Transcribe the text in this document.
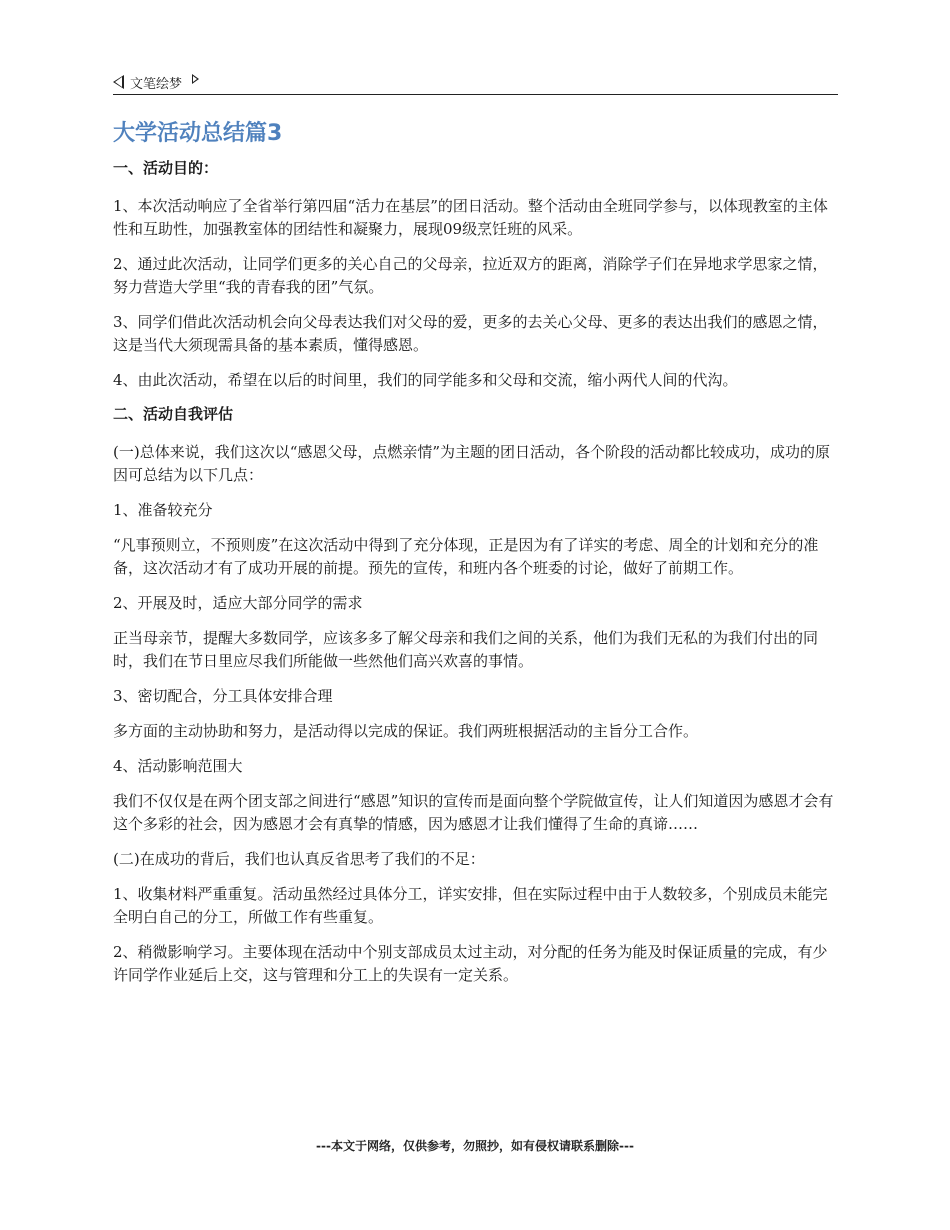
文笔绘梦
大学活动总结篇3
一、活动目的：

1、本次活动响应了全省举行第四届“活力在基层”的团日活动。整个活动由全班同学参与，以体现教室的主体性和互助性，加强教室体的团结性和凝聚力，展现09级烹饪班的风采。

2、通过此次活动，让同学们更多的关心自己的父母亲，拉近双方的距离，消除学子们在异地求学思家之情，努力营造大学里“我的青春我的团”气氛。

3、同学们借此次活动机会向父母表达我们对父母的爱，更多的去关心父母、更多的表达出我们的感恩之情，这是当代大须现需具备的基本素质，懂得感恩。

4、由此次活动，希望在以后的时间里，我们的同学能多和父母和交流，缩小两代人间的代沟。

二、活动自我评估

(一)总体来说，我们这次以“感恩父母，点燃亲情”为主题的团日活动，各个阶段的活动都比较成功，成功的原因可总结为以下几点：

1、准备较充分

“凡事预则立，不预则废”在这次活动中得到了充分体现，正是因为有了详实的考虑、周全的计划和充分的准备，这次活动才有了成功开展的前提。预先的宣传，和班内各个班委的讨论，做好了前期工作。

2、开展及时，适应大部分同学的需求

正当母亲节，提醒大多数同学，应该多多了解父母亲和我们之间的关系，他们为我们无私的为我们付出的同时，我们在节日里应尽我们所能做一些然他们高兴欢喜的事情。

3、密切配合，分工具体安排合理

多方面的主动协助和努力，是活动得以完成的保证。我们两班根据活动的主旨分工合作。

4、活动影响范围大

我们不仅仅是在两个团支部之间进行“感恩”知识的宣传而是面向整个学院做宣传，让人们知道因为感恩才会有这个多彩的社会，因为感恩才会有真挚的情感，因为感恩才让我们懂得了生命的真谛……

(二)在成功的背后，我们也认真反省思考了我们的不足：

1、收集材料严重重复。活动虽然经过具体分工，详实安排，但在实际过程中由于人数较多，个别成员未能完全明白自己的分工，所做工作有些重复。

2、稍微影响学习。主要体现在活动中个别支部成员太过主动，对分配的任务为能及时保证质量的完成，有少许同学作业延后上交，这与管理和分工上的失误有一定关系。

---本文于网络，仅供参考，勿照抄，如有侵权请联系删除---
